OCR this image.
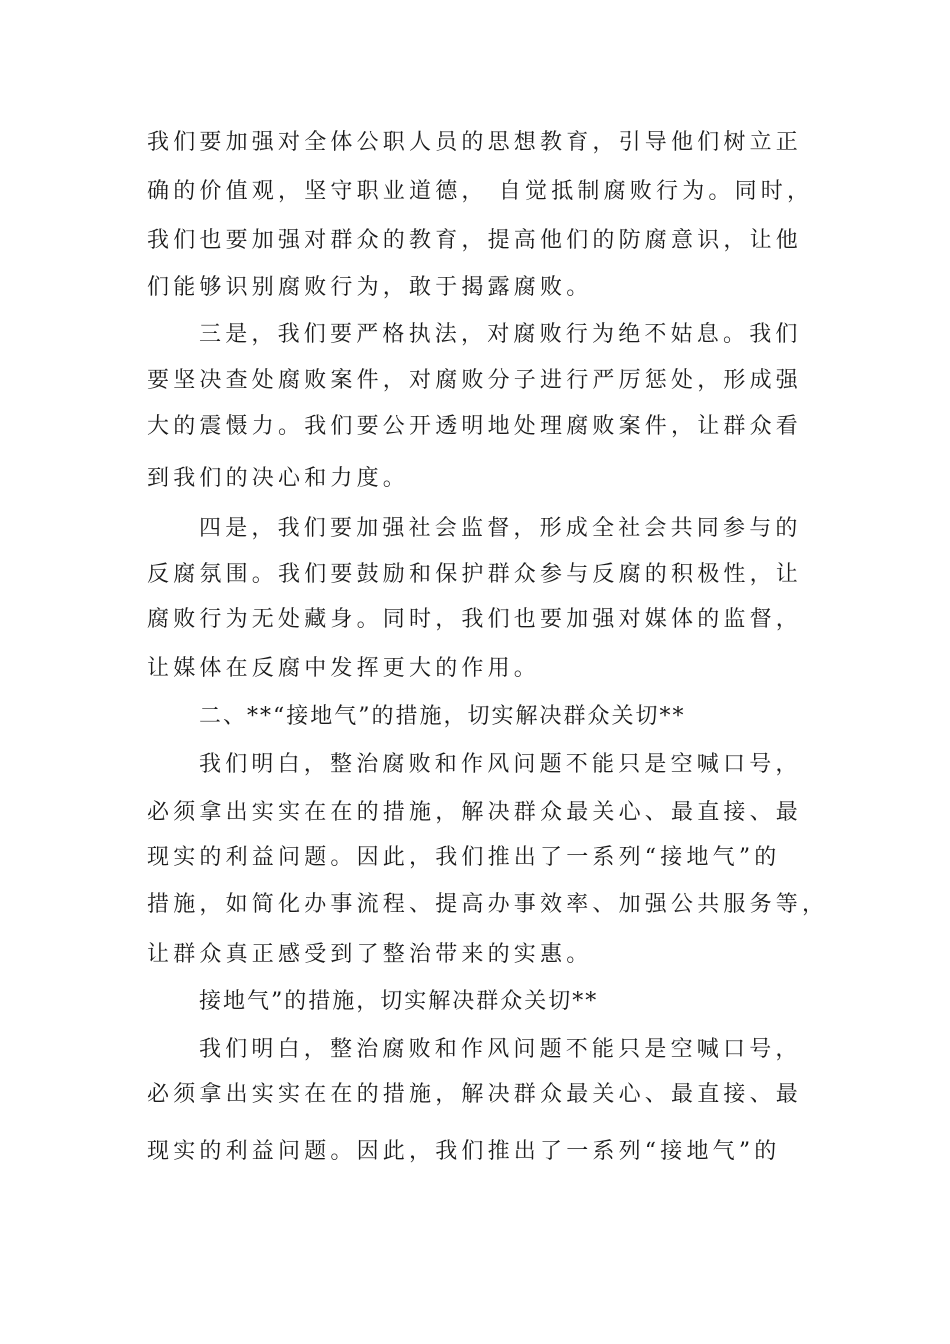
我们要加强对全体公职人员的思想教育，引导他们树立正
确的价值观，坚守职业道德， 自觉抵制腐败行为。同时，
我们也要加强对群众的教育，提高他们的防腐意识，让他
们能够识别腐败行为，敢于揭露腐败。
三是，我们要严格执法，对腐败行为绝不姑息。我们
要坚决查处腐败案件，对腐败分子进行严厉惩处，形成强
大的震慑力。我们要公开透明地处理腐败案件，让群众看
到我们的决心和力度。
四是，我们要加强社会监督，形成全社会共同参与的
反腐氛围。我们要鼓励和保护群众参与反腐的积极性，让
腐败行为无处藏身。同时，我们也要加强对媒体的监督，
让媒体在反腐中发挥更大的作用。
二、**“接地气”的措施，切实解决群众关切**
我们明白，整治腐败和作风问题不能只是空喊口号，
必须拿出实实在在的措施，解决群众最关心、最直接、最
现实的利益问题。因此，我们推出了一系列“接地气”的
措施，如简化办事流程、提高办事效率、加强公共服务等，
让群众真正感受到了整治带来的实惠。
接地气”的措施，切实解决群众关切**
我们明白，整治腐败和作风问题不能只是空喊口号，
必须拿出实实在在的措施，解决群众最关心、最直接、最
现实的利益问题。因此，我们推出了一系列“接地气”的
